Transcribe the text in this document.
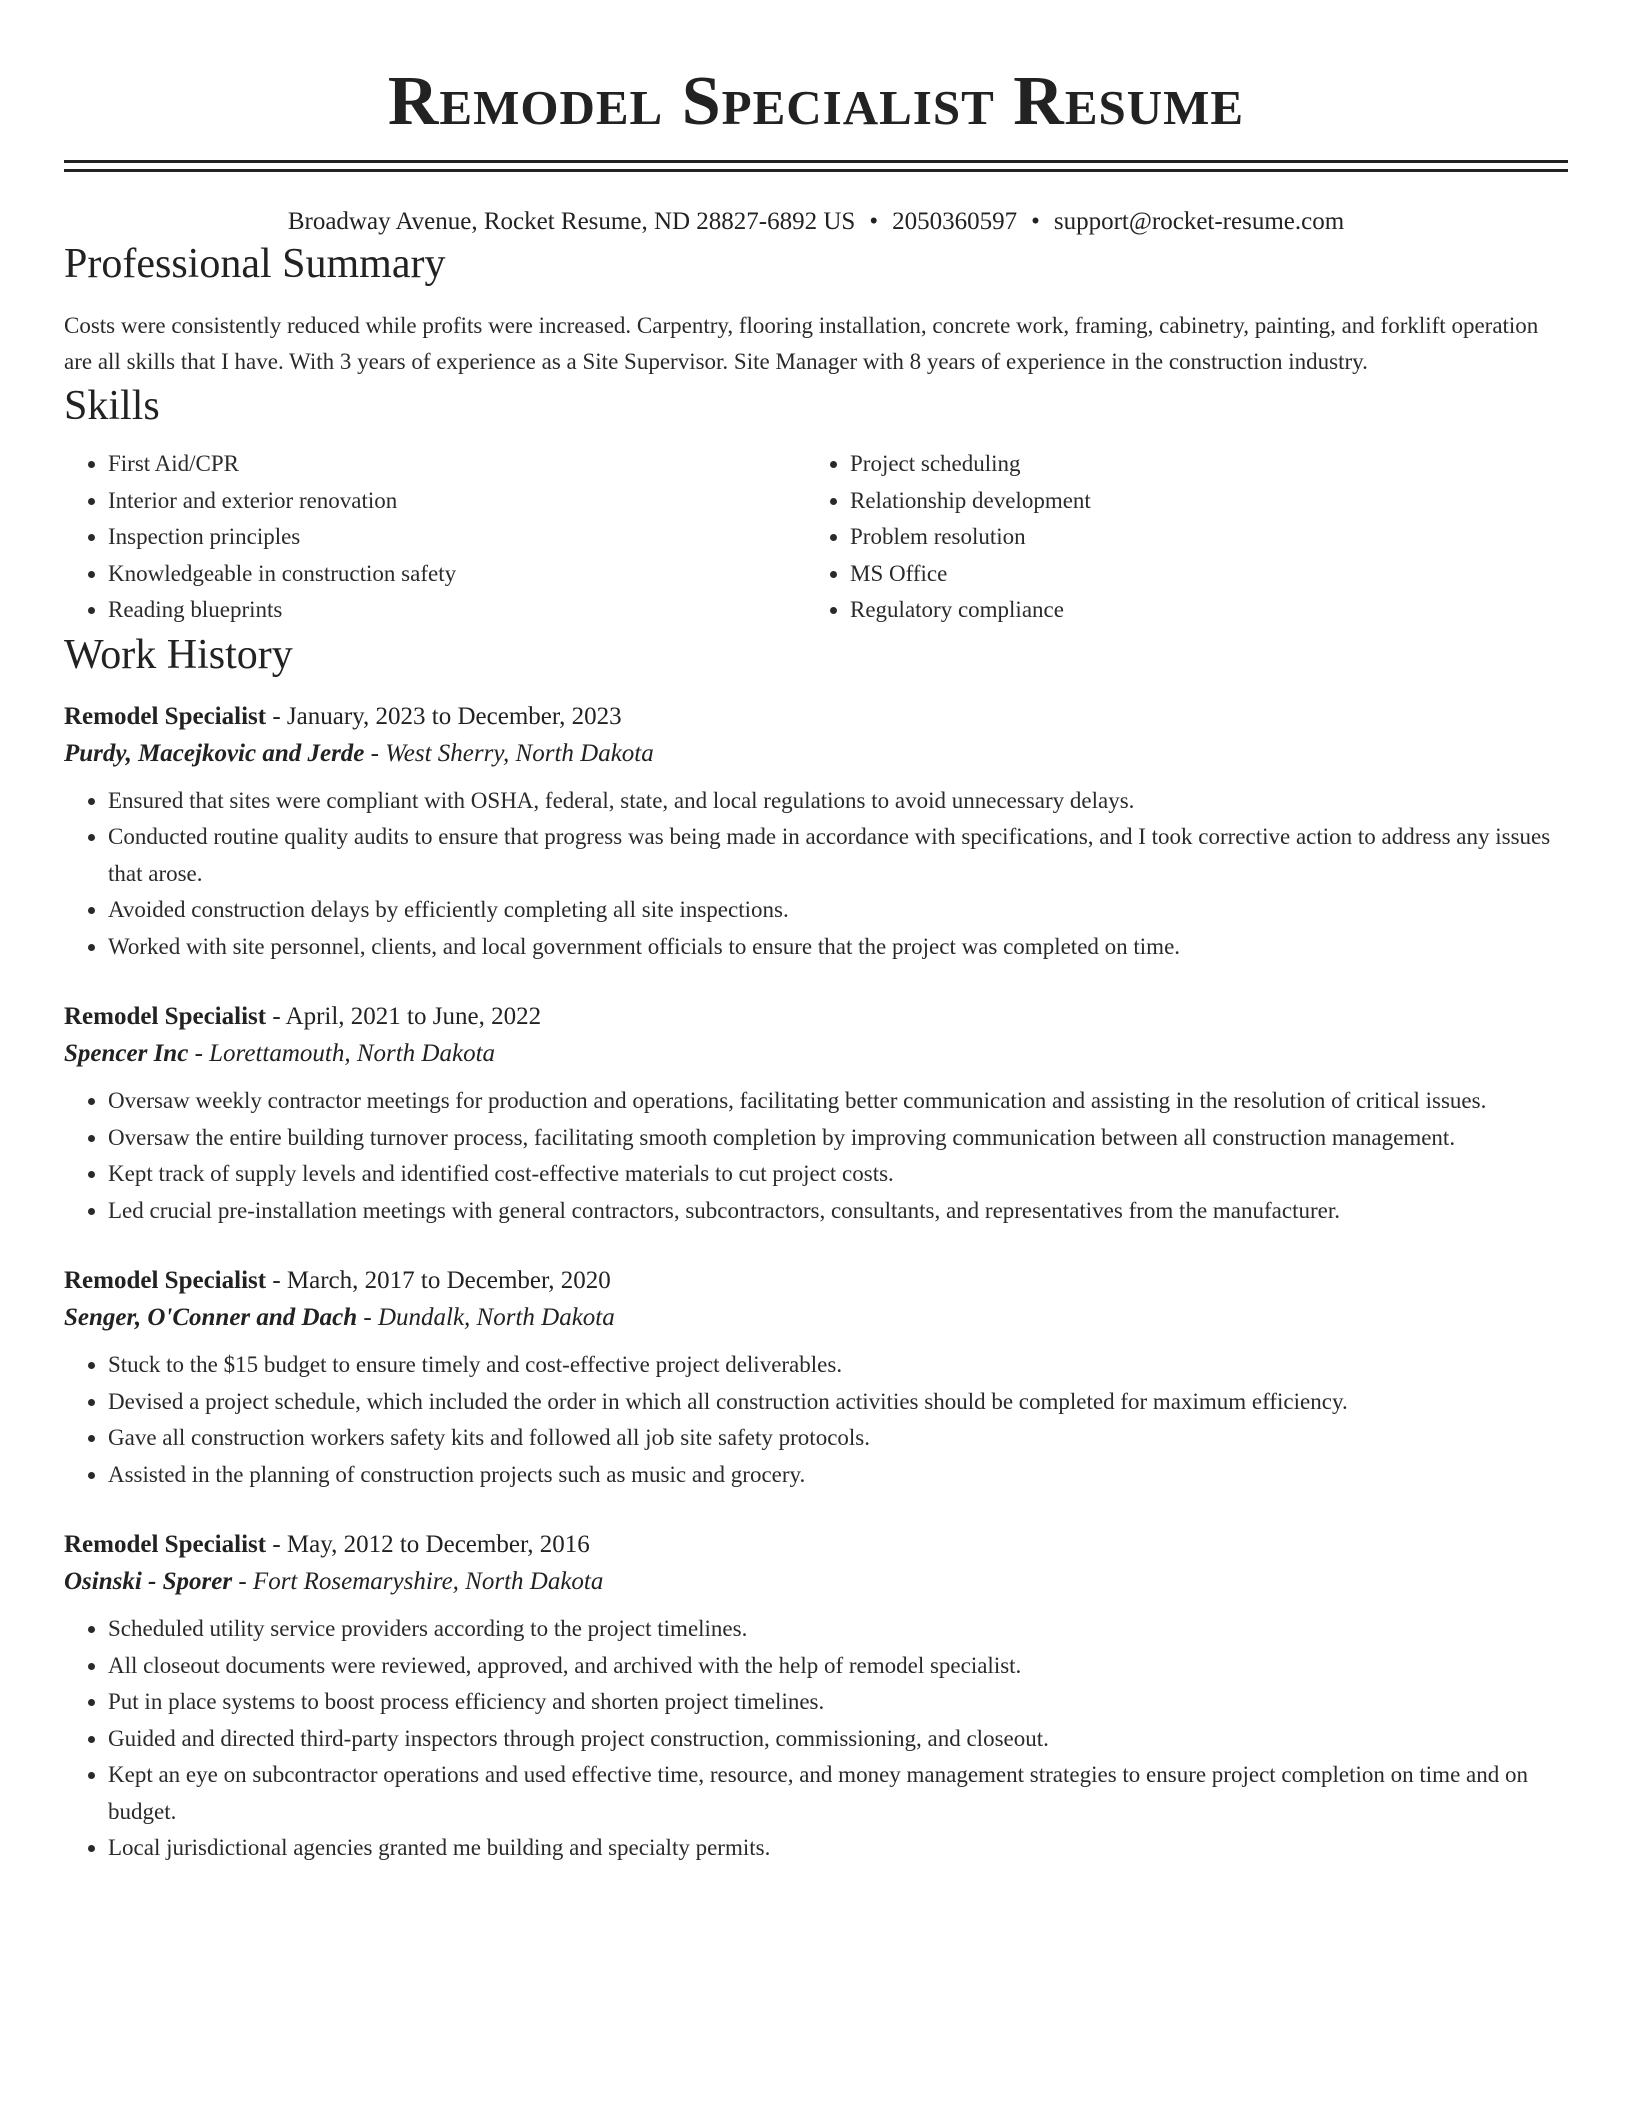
Remodel Specialist Resume
Broadway Avenue, Rocket Resume, ND 28827-6892 US • 2050360597 • support@rocket-resume.com
Professional Summary

Costs were consistently reduced while profits were increased. Carpentry, flooring installation, concrete work, framing, cabinetry, painting, and forklift operation are all skills that I have. With 3 years of experience as a Site Supervisor. Site Manager with 8 years of experience in the construction industry.

Skills
• First Aid/CPR
• Interior and exterior renovation
• Inspection principles
• Knowledgeable in construction safety
• Reading blueprints
• Project scheduling
• Relationship development
• Problem resolution
• MS Office
• Regulatory compliance
Work History
Remodel Specialist - January, 2023 to December, 2023
Purdy, Macejkovic and Jerde - West Sherry, North Dakota
• Ensured that sites were compliant with OSHA, federal, state, and local regulations to avoid unnecessary delays.
• Conducted routine quality audits to ensure that progress was being made in accordance with specifications, and I took corrective action to address any issues that arose.
• Avoided construction delays by efficiently completing all site inspections.
• Worked with site personnel, clients, and local government officials to ensure that the project was completed on time.
Remodel Specialist - April, 2021 to June, 2022
Spencer Inc - Lorettamouth, North Dakota
• Oversaw weekly contractor meetings for production and operations, facilitating better communication and assisting in the resolution of critical issues.
• Oversaw the entire building turnover process, facilitating smooth completion by improving communication between all construction management.
• Kept track of supply levels and identified cost-effective materials to cut project costs.
• Led crucial pre-installation meetings with general contractors, subcontractors, consultants, and representatives from the manufacturer.
Remodel Specialist - March, 2017 to December, 2020
Senger, O'Conner and Dach - Dundalk, North Dakota
• Stuck to the $15 budget to ensure timely and cost-effective project deliverables.
• Devised a project schedule, which included the order in which all construction activities should be completed for maximum efficiency.
• Gave all construction workers safety kits and followed all job site safety protocols.
• Assisted in the planning of construction projects such as music and grocery.
Remodel Specialist - May, 2012 to December, 2016
Osinski - Sporer - Fort Rosemaryshire, North Dakota
• Scheduled utility service providers according to the project timelines.
• All closeout documents were reviewed, approved, and archived with the help of remodel specialist.
• Put in place systems to boost process efficiency and shorten project timelines.
• Guided and directed third-party inspectors through project construction, commissioning, and closeout.
• Kept an eye on subcontractor operations and used effective time, resource, and money management strategies to ensure project completion on time and on budget.
• Local jurisdictional agencies granted me building and specialty permits.
